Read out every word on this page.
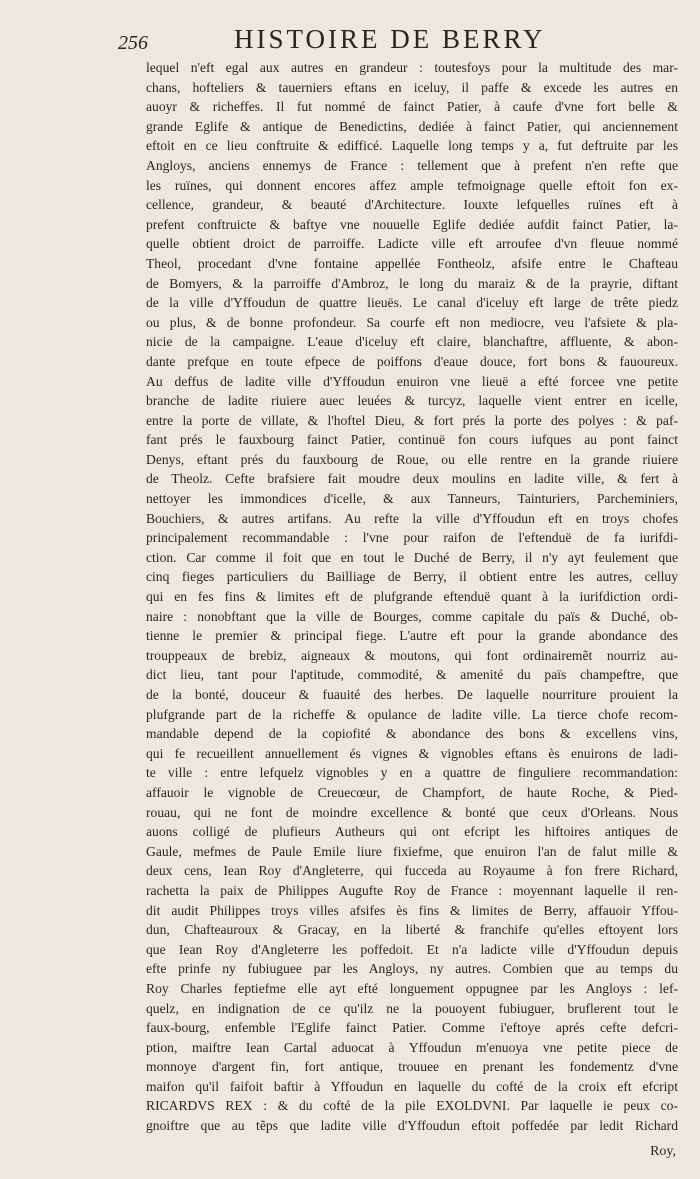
256	HISTOIRE DE BERRY
lequel n'eft egal aux autres en grandeur : toutesfoys pour la multitude des mar-
chans, hofteliers & tauerniers eftans en iceluy, il paffe & excede les autres en
auoyr & richeffes. Il fut nommé de fainct Patier, à caufe d'vne fort belle &
grande Eglife & antique de Benedictins, dediée à fainct Patier, qui anciennement
eftoit en ce lieu conftruite & edifficé. Laquelle long temps y a, fut deftruite par les
Angloys, anciens ennemys de France : tellement que à prefent n'en refte que
les ruïnes, qui donnent encores affez ample tefmoignage quelle eftoit fon ex-
cellence, grandeur, & beauté d'Architecture. Iouxte lefquelles ruïnes eft à
prefent conftruicte & baftye vne nouuelle Eglife dediée aufdit fainct Patier, la-
quelle obtient droict de parroiffe. Ladicte ville eft arroufee d'vn fleuue nommé
Theol, procedant d'vne fontaine appellée Fontheolz, afsife entre le Chafteau
de Bomyers, & la parroiffe d'Ambroz, le long du maraiz & de la prayrie, diftant
de la ville d'Yffoudun de quattre lieuës. Le canal d'iceluy eft large de trête piedz
ou plus, & de bonne profondeur. Sa courfe eft non mediocre, veu l'afsiete & pla-
nicie de la campaigne. L'eaue d'iceluy eft claire, blanchaftre, affluente, & abon-
dante prefque en toute efpece de poiffons d'eaue douce, fort bons & fauoureux.
Au deffus de ladite ville d'Yffoudun enuiron vne lieuë a efté forcee vne petite
branche de ladite riuiere auec leuées & turcyz, laquelle vient entrer en icelle,
entre la porte de villate, & l'hoftel Dieu, & fort prés la porte des polyes : & paf-
fant prés le fauxbourg fainct Patier, continuë fon cours iufques au pont fainct
Denys, eftant prés du fauxbourg de Roue, ou elle rentre en la grande riuiere
de Theolz. Cefte brafsiere fait moudre deux moulins en ladite ville, & fert à
nettoyer les immondices d'icelle, & aux Tanneurs, Tainturiers, Parcheminiers,
Bouchiers, & autres artifans. Au refte la ville d'Yffoudun eft en troys chofes
principalement recommandable : l'vne pour raifon de l'eftenduë de fa iurifdi-
ction. Car comme il foit que en tout le Duché de Berry, il n'y ayt feulement que
cinq fieges particuliers du Bailliage de Berry, il obtient entre les autres, celluy
qui en fes fins & limites eft de plufgrande eftenduë quant à la iurifdiction ordi-
naire : nonobftant que la ville de Bourges, comme capitale du païs & Duché, ob-
tienne le premier & principal fiege. L'autre eft pour la grande abondance des
trouppeaux de brebiz, aigneaux & moutons, qui font ordinairemẽt nourriz au-
dict lieu, tant pour l'aptitude, commodité, & amenité du païs champeftre, que
de la bonté, douceur & fuauité des herbes. De laquelle nourriture prouient la
plufgrande part de la richeffe & opulance de ladite ville. La tierce chofe recom-
mandable depend de la copiofité & abondance des bons & excellens vins,
qui fe recueillent annuellement és vignes & vignobles eftans ès enuirons de ladi-
te ville : entre lefquelz vignobles y en a quattre de finguliere recommandation:
affauoir le vignoble de Creuecœur, de Champfort, de haute Roche, & Pied-
rouau, qui ne font de moindre excellence & bonté que ceux d'Orleans. Nous
auons colligé de plufieurs Autheurs qui ont efcript les hiftoires antiques de
Gaule, mefmes de Paule Emile liure fixiefme, que enuiron l'an de falut mille &
deux cens, Iean Roy d'Angleterre, qui fucceda au Royaume à fon frere Richard,
rachetta la paix de Philippes Augufte Roy de France : moyennant laquelle il ren-
dit audit Philippes troys villes afsifes ès fins & limites de Berry, affauoir Yffou-
dun, Chafteauroux & Gracay, en la liberté & franchife qu'elles eftoyent lors
que Iean Roy d'Angleterre les poffedoit. Et n'a ladicte ville d'Yffoudun depuis
efte prinfe ny fubiuguee par les Angloys, ny autres. Combien que au temps du
Roy Charles feptiefme elle ayt efté longuement oppugnee par les Angloys : lef-
quelz, en indignation de ce qu'ilz ne la pouoyent fubiuguer, bruflerent tout le
faux-bourg, enfemble l'Eglife fainct Patier. Comme i'eftoye aprés cefte defcri-
ption, maiftre Iean Cartal aduocat à Yffoudun m'enuoya vne petite piece de
monnoye d'argent fin, fort antique, trouuee en prenant les fondementz d'vne
maifon qu'il faifoit baftir à Yffoudun en laquelle du cofté de la croix eft efcript
RICARDVS REX : & du cofté de la pile EXOLDVNI. Par laquelle ie peux co-
gnoiftre que au tẽps que ladite ville d'Yffoudun eftoit poffedée par ledit Richard
Roy,
